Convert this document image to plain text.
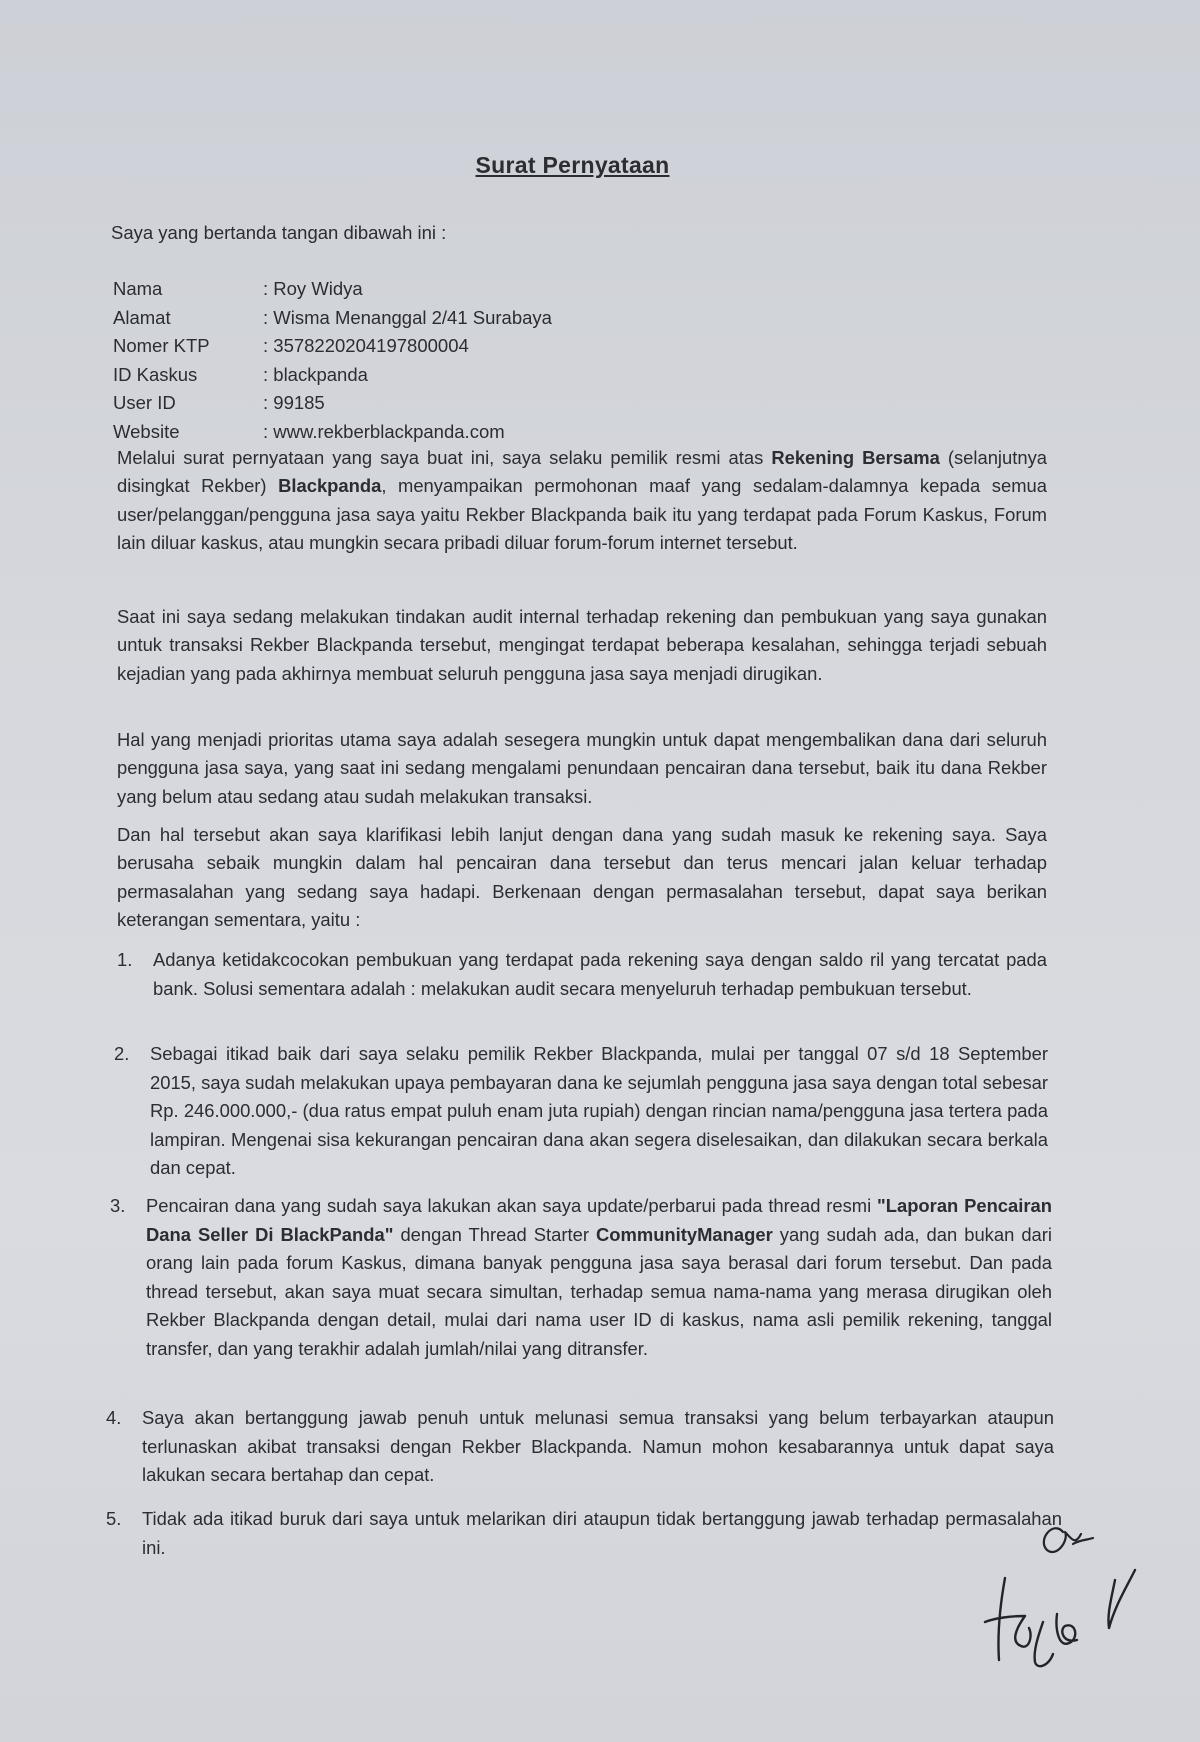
Surat Pernyataan
Saya yang bertanda tangan dibawah ini :
Nama	: Roy Widya
Alamat	: Wisma Menanggal 2/41 Surabaya
Nomer KTP	: 3578220204197800004
ID Kaskus	: blackpanda
User ID	: 99185
Website	: www.rekberblackpanda.com
Melalui surat pernyataan yang saya buat ini, saya selaku pemilik resmi atas Rekening Bersama (selanjutnya disingkat Rekber) Blackpanda, menyampaikan permohonan maaf yang sedalam-dalamnya kepada semua user/pelanggan/pengguna jasa saya yaitu Rekber Blackpanda baik itu yang terdapat pada Forum Kaskus, Forum lain diluar kaskus, atau mungkin secara pribadi diluar forum-forum internet tersebut.
Saat ini saya sedang melakukan tindakan audit internal terhadap rekening dan pembukuan yang saya gunakan untuk transaksi Rekber Blackpanda tersebut, mengingat terdapat beberapa kesalahan, sehingga terjadi sebuah kejadian yang pada akhirnya membuat seluruh pengguna jasa saya menjadi dirugikan.
Hal yang menjadi prioritas utama saya adalah sesegera mungkin untuk dapat mengembalikan dana dari seluruh pengguna jasa saya, yang saat ini sedang mengalami penundaan pencairan dana tersebut, baik itu dana Rekber yang belum atau sedang atau sudah melakukan transaksi.
Dan hal tersebut akan saya klarifikasi lebih lanjut dengan dana yang sudah masuk ke rekening saya. Saya berusaha sebaik mungkin dalam hal pencairan dana tersebut dan terus mencari jalan keluar terhadap permasalahan yang sedang saya hadapi. Berkenaan dengan permasalahan tersebut, dapat saya berikan keterangan sementara, yaitu :
1. Adanya ketidakcocokan pembukuan yang terdapat pada rekening saya dengan saldo ril yang tercatat pada bank. Solusi sementara adalah : melakukan audit secara menyeluruh terhadap pembukuan tersebut.
2. Sebagai itikad baik dari saya selaku pemilik Rekber Blackpanda, mulai per tanggal 07 s/d 18 September 2015, saya sudah melakukan upaya pembayaran dana ke sejumlah pengguna jasa saya dengan total sebesar Rp. 246.000.000,- (dua ratus empat puluh enam juta rupiah) dengan rincian nama/pengguna jasa tertera pada lampiran. Mengenai sisa kekurangan pencairan dana akan segera diselesaikan, dan dilakukan secara berkala dan cepat.
3. Pencairan dana yang sudah saya lakukan akan saya update/perbarui pada thread resmi "Laporan Pencairan Dana Seller Di BlackPanda" dengan Thread Starter CommunityManager yang sudah ada, dan bukan dari orang lain pada forum Kaskus, dimana banyak pengguna jasa saya berasal dari forum tersebut. Dan pada thread tersebut, akan saya muat secara simultan, terhadap semua nama-nama yang merasa dirugikan oleh Rekber Blackpanda dengan detail, mulai dari nama user ID di kaskus, nama asli pemilik rekening, tanggal transfer, dan yang terakhir adalah jumlah/nilai yang ditransfer.
4. Saya akan bertanggung jawab penuh untuk melunasi semua transaksi yang belum terbayarkan ataupun terlunaskan akibat transaksi dengan Rekber Blackpanda. Namun mohon kesabarannya untuk dapat saya lakukan secara bertahap dan cepat.
5. Tidak ada itikad buruk dari saya untuk melarikan diri ataupun tidak bertanggung jawab terhadap permasalahan ini.
